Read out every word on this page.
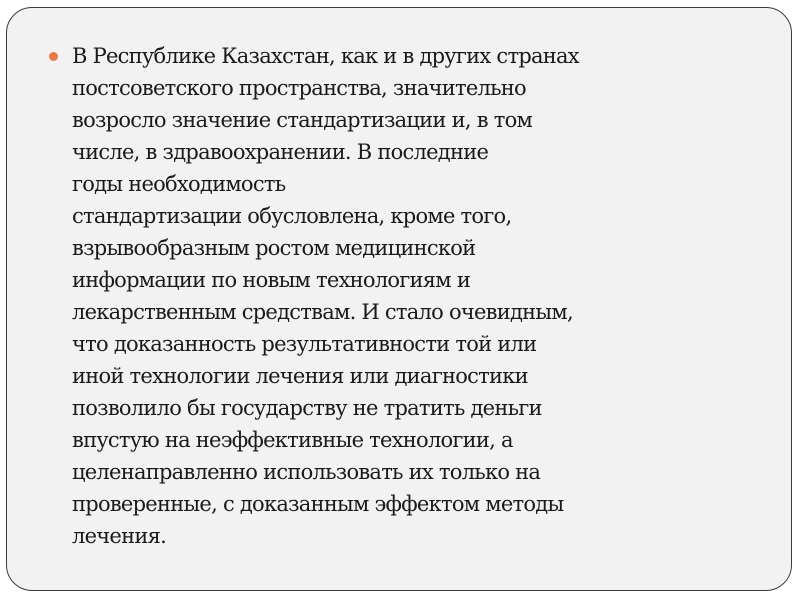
В Республике Казахстан, как и в других странах
постсоветского пространства, значительно
возросло значение стандартизации и, в том
числе, в здравоохранении. В последние
годы необходимость
стандартизации обусловлена, кроме того,
взрывообразным ростом медицинской
информации по новым технологиям и
лекарственным средствам. И стало очевидным,
что доказанность результативности той или
иной технологии лечения или диагностики
позволило бы государству не тратить деньги
впустую на неэффективные технологии, а
целенаправленно использовать их только на
проверенные, с доказанным эффектом методы
лечения.
